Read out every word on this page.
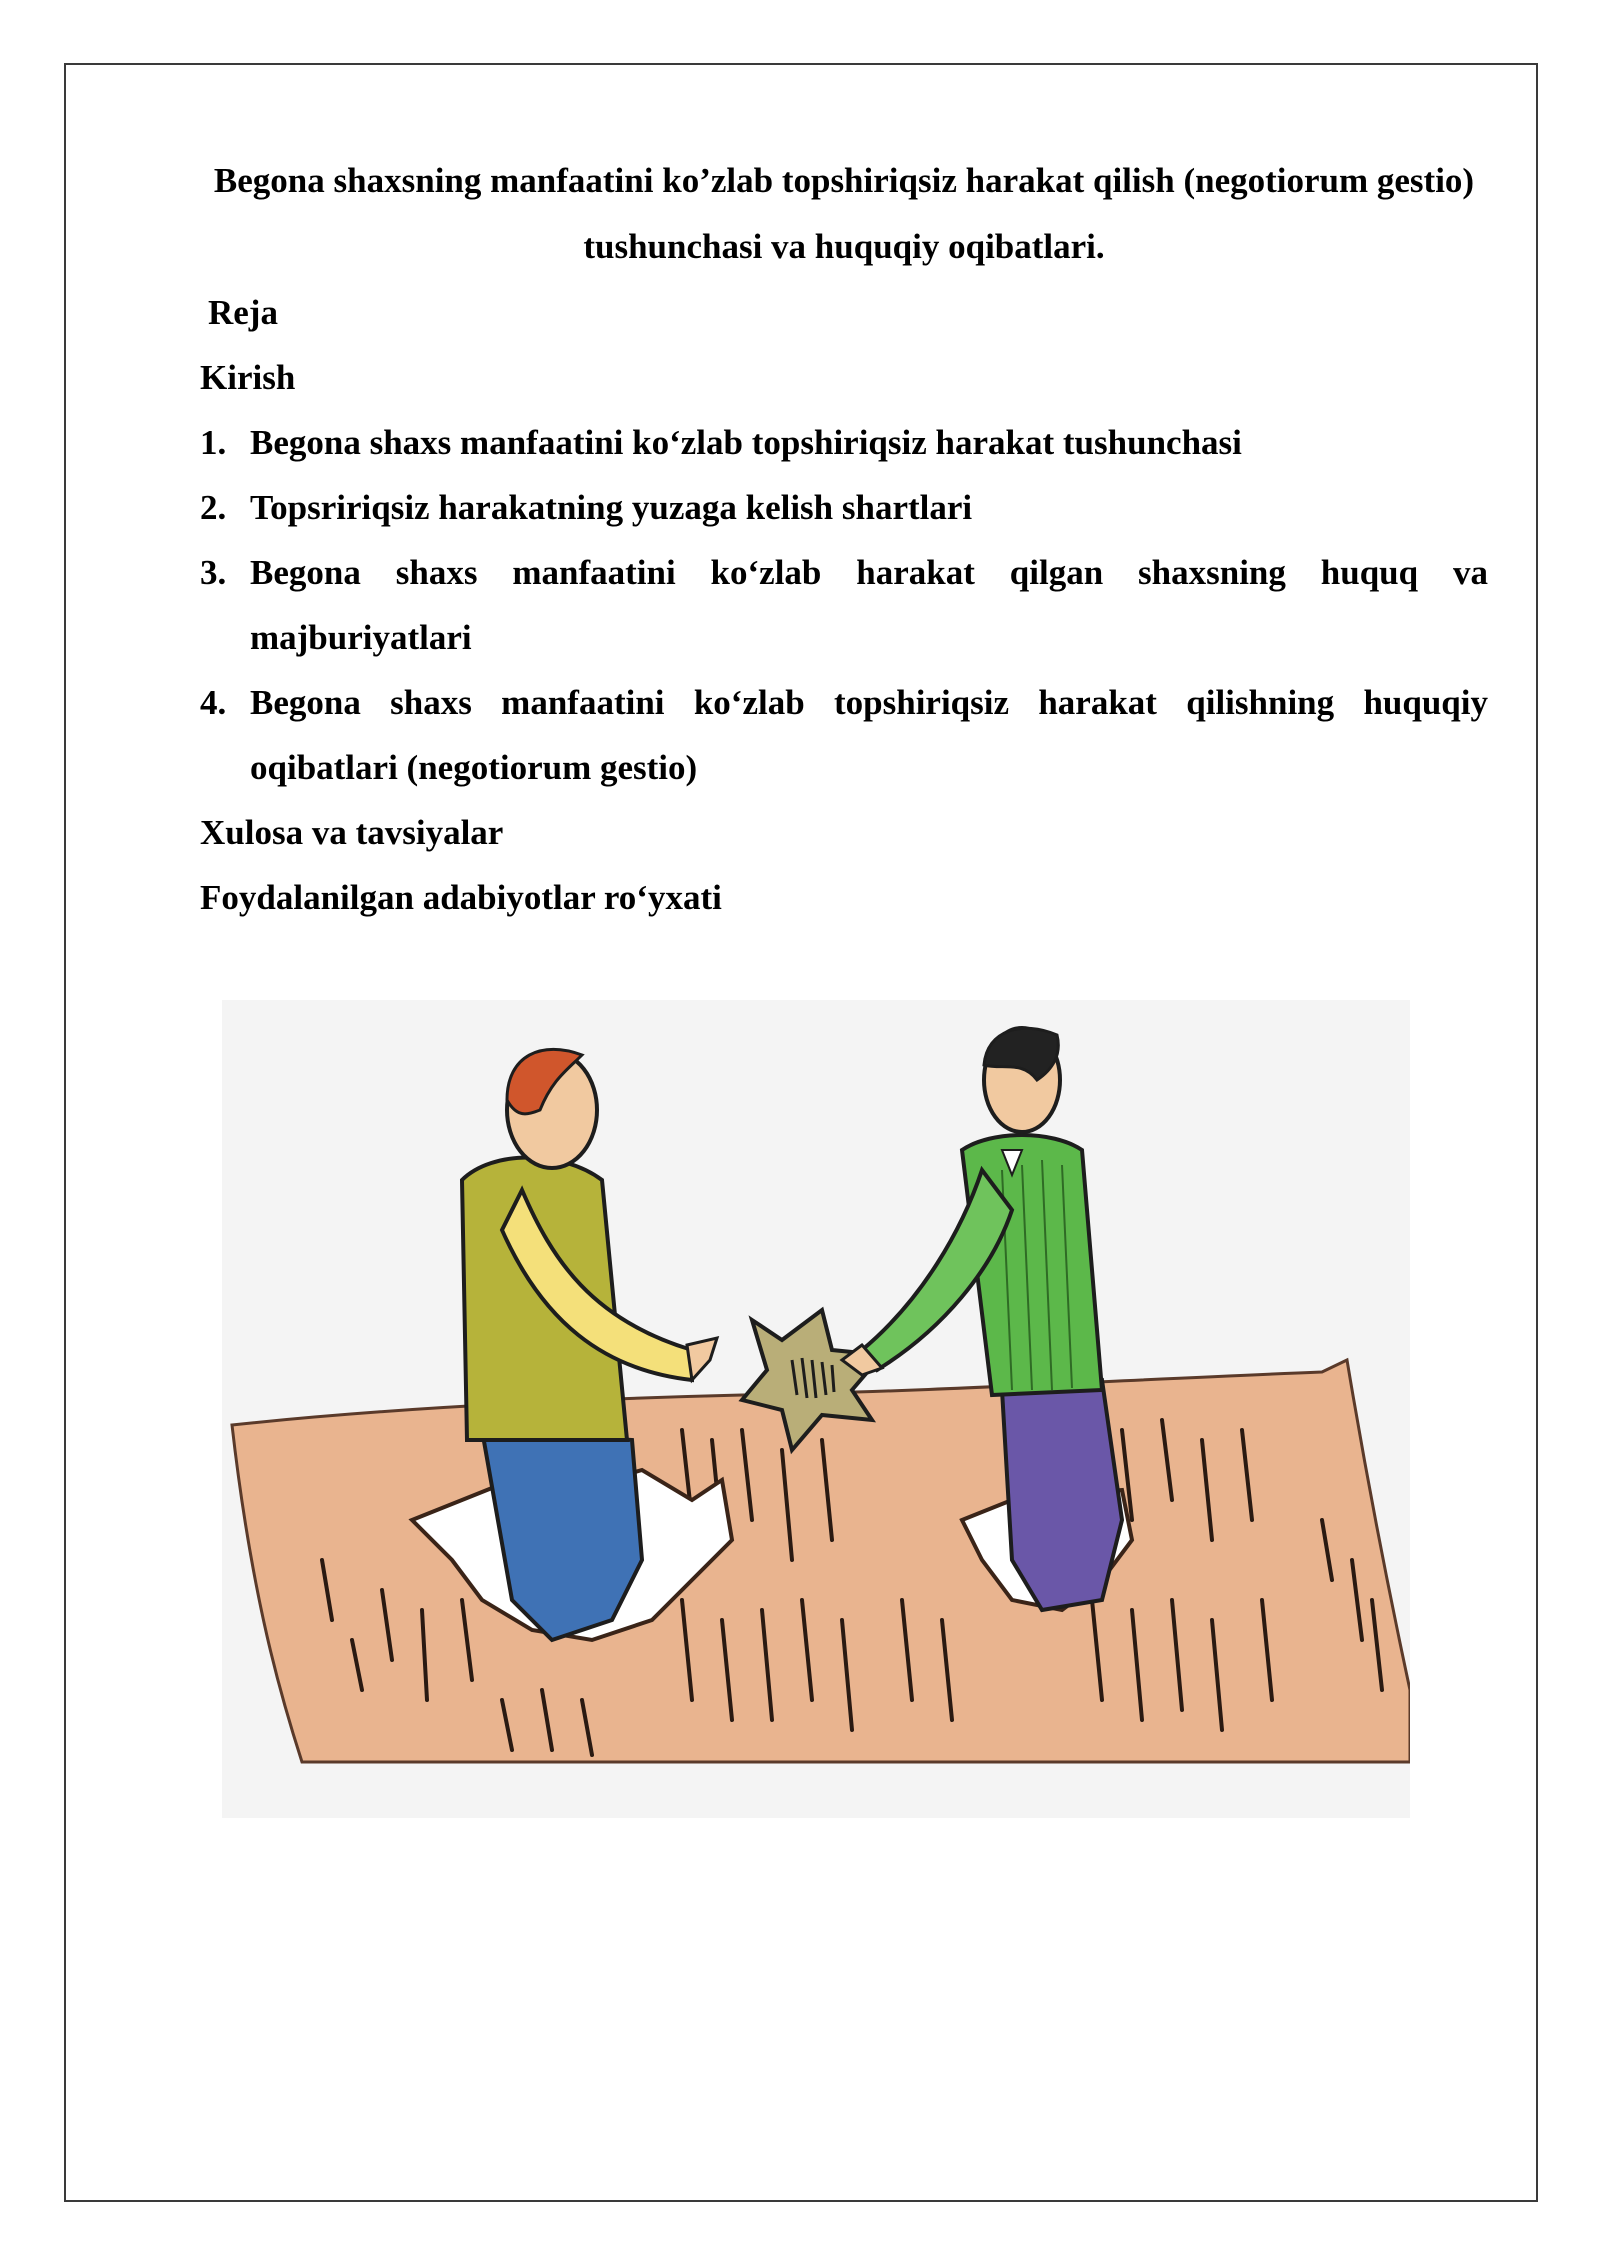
Begona shaxsning manfaatini ko’zlab topshiriqsiz harakat qilish (negotiorum gestio) tushunchasi va huquqiy oqibatlari.

Reja

Kirish

1. Begona shaxs manfaatini ko‘zlab topshiriqsiz harakat tushunchasi
2. Topsririqsiz harakatning yuzaga kelish shartlari
3. Begona shaxs manfaatini ko‘zlab harakat qilgan shaxsning huquq va majburiyatlari
4. Begona shaxs manfaatini ko‘zlab topshiriqsiz harakat qilishning huquqiy oqibatlari (negotiorum gestio)

Xulosa va tavsiyalar

Foydalanilgan adabiyotlar ro‘yxati
